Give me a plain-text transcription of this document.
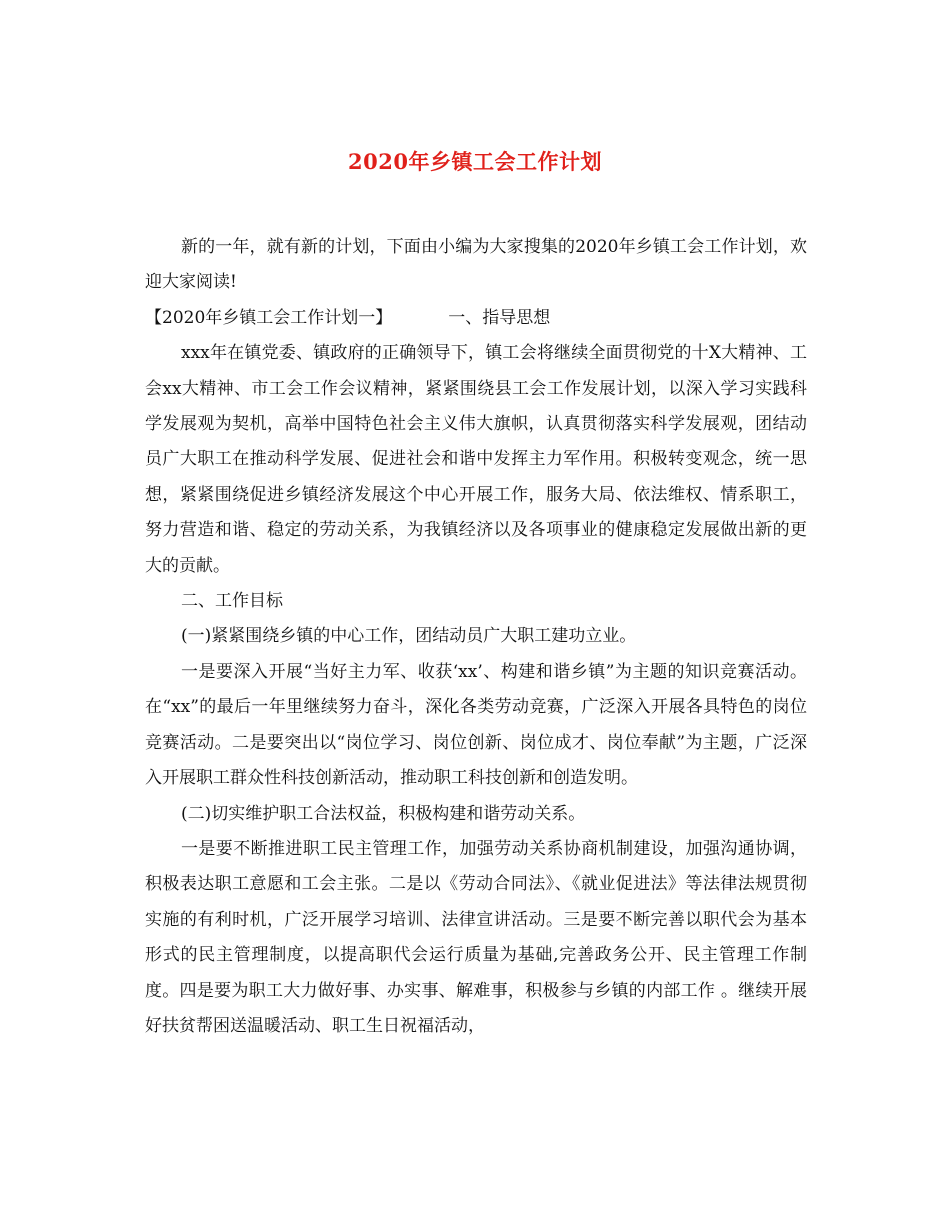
2020年乡镇工会工作计划

新的一年，就有新的计划，下面由小编为大家搜集的2020年乡镇工会工作计划，欢迎大家阅读!

【2020年乡镇工会工作计划一】	一、指导思想

xxx年在镇党委、镇政府的正确领导下，镇工会将继续全面贯彻党的十X大精神、工会xx大精神、市工会工作会议精神，紧紧围绕县工会工作发展计划，以深入学习实践科学发展观为契机，高举中国特色社会主义伟大旗帜，认真贯彻落实科学发展观，团结动员广大职工在推动科学发展、促进社会和谐中发挥主力军作用。积极转变观念，统一思想，紧紧围绕促进乡镇经济发展这个中心开展工作，服务大局、依法维权、情系职工，努力营造和谐、稳定的劳动关系，为我镇经济以及各项事业的健康稳定发展做出新的更大的贡献。

二、工作目标

(一)紧紧围绕乡镇的中心工作，团结动员广大职工建功立业。

一是要深入开展“当好主力军、收获‘xx’、构建和谐乡镇”为主题的知识竞赛活动。在“xx”的最后一年里继续努力奋斗，深化各类劳动竞赛，广泛深入开展各具特色的岗位竞赛活动。二是要突出以“岗位学习、岗位创新、岗位成才、岗位奉献”为主题，广泛深入开展职工群众性科技创新活动，推动职工科技创新和创造发明。

(二)切实维护职工合法权益，积极构建和谐劳动关系。

一是要不断推进职工民主管理工作，加强劳动关系协商机制建设，加强沟通协调，积极表达职工意愿和工会主张。二是以《劳动合同法》、《就业促进法》等法律法规贯彻实施的有利时机，广泛开展学习培训、法律宣讲活动。三是要不断完善以职代会为基本形式的民主管理制度，以提高职代会运行质量为基础,完善政务公开、民主管理工作制度。四是要为职工大力做好事、办实事、解难事，积极参与乡镇的内部工作 。继续开展好扶贫帮困送温暖活动、职工生日祝福活动，
